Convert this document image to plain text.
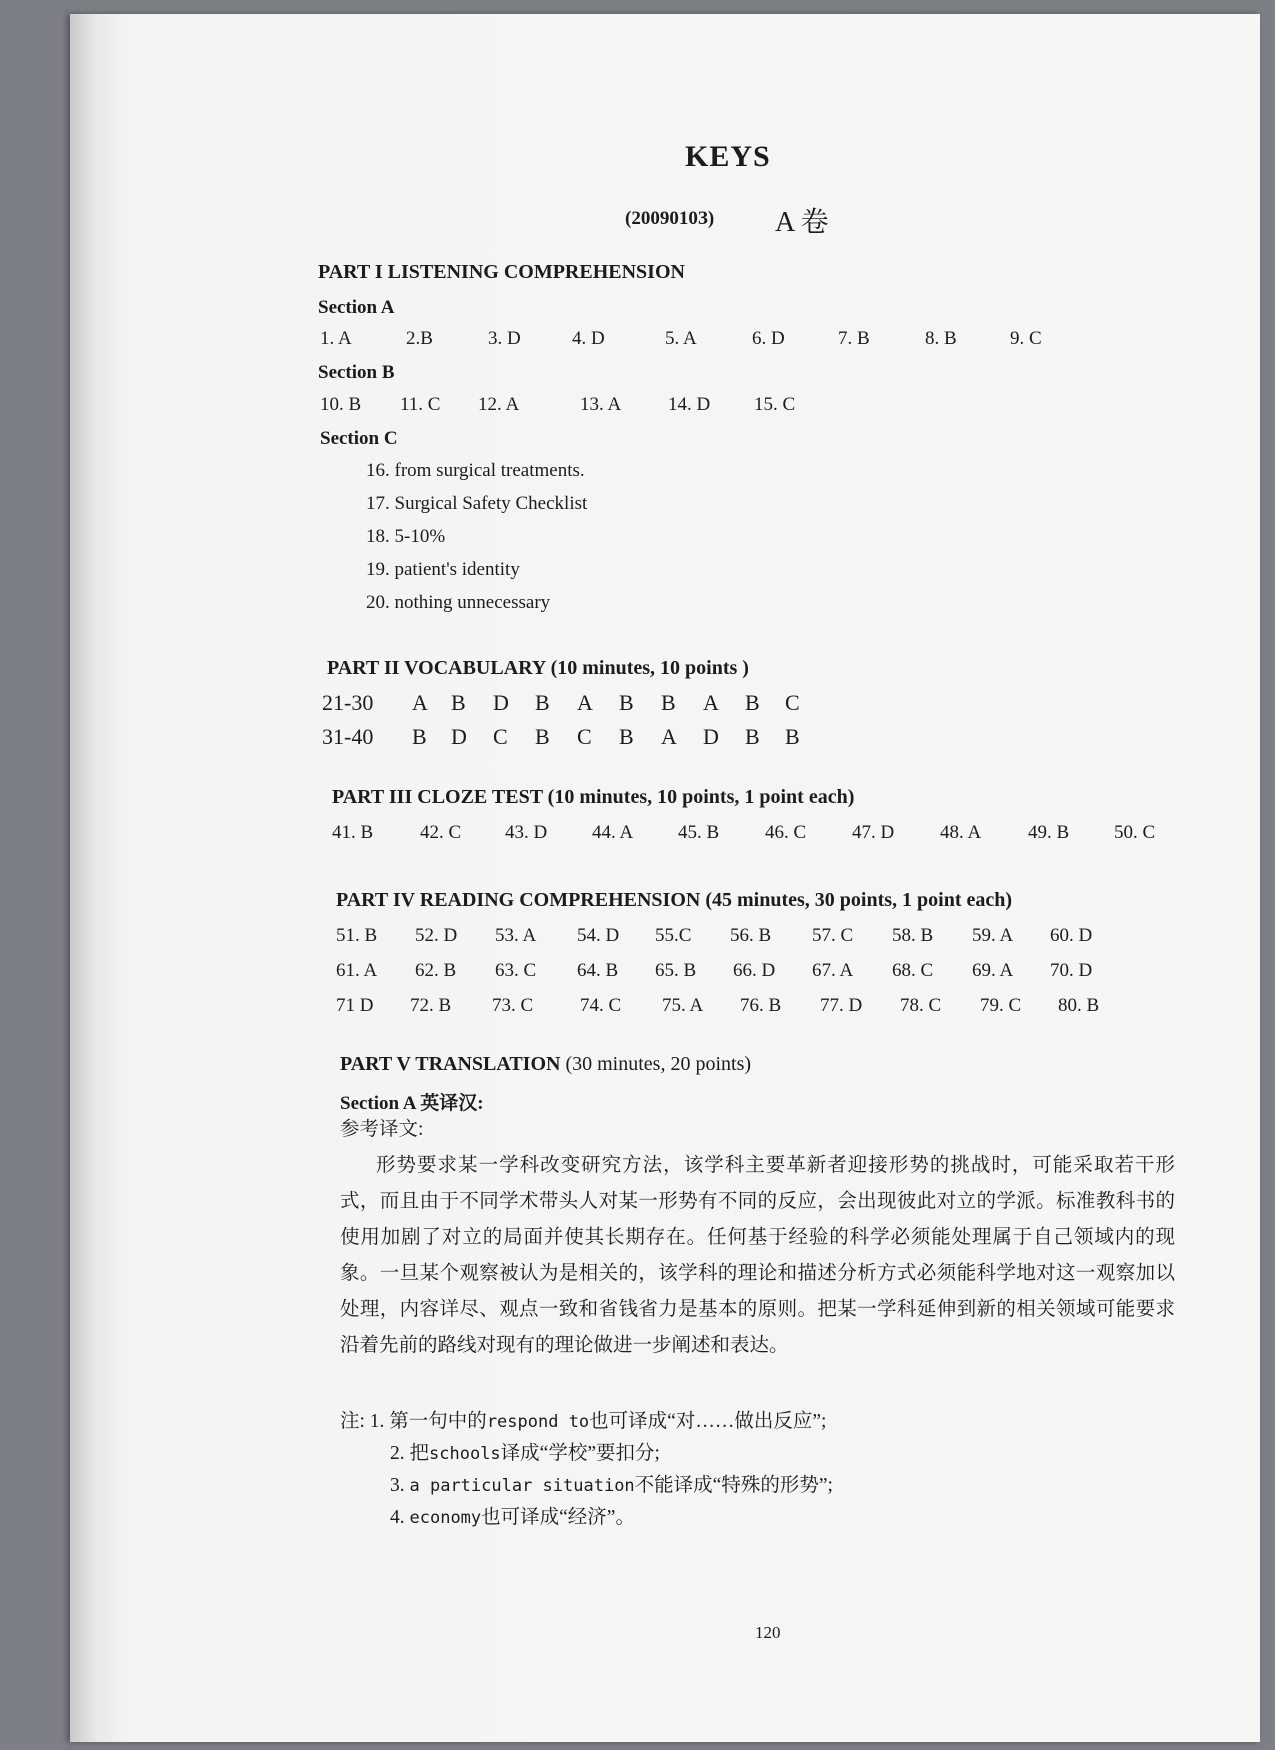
KEYS
(2009010З) A 卷
PART I LISTENING COMPREHENSION
Section A
1. A	2.B	3. D	4. D	5. A	6. D	7. B	8. B	9. C
Section B
10. B 11. C 12. A	13. A 14. D 15. C
Section C
16. from surgical treatments.
17. Surgical Safety Checklist
18. 5-10%
19. patient's identity
20. nothing unnecessary
PART II VOCABULARY (10 minutes, 10 points )
21-30 A B D B A B B A B C
31-40 B D C B C B A D B B
PART III CLOZE TEST (10 minutes, 10 points, 1 point each)
41. B 42. C 43. D 44. A 45. B 46. C 47. D 48. A 49. B 50. C
PART IV READING COMPREHENSION (45 minutes, 30 points, 1 point each)
51. B 52. D 53. A 54. D 55.C 56. B 57. C 58. B 59. A 60. D
61. A 62. B 63. C 64. B 65. B 66. D 67. A 68. C 69. A 70. D
71 D 72. B 73. C 74. C 75. A 76. B 77. D 78. C 79. C 80. B
PART V TRANSLATION (30 minutes, 20 points)
Section A 英译汉:
参考译文:

形势要求某一学科改变研究方法，该学科主要革新者迎接形势的挑战时，可能采取若干形式，而且由于不同学术带头人对某一形势有不同的反应，会出现彼此对立的学派。标准教科书的使用加剧了对立的局面并使其长期存在。任何基于经验的科学必须能处理属于自己领域内的现象。一旦某个观察被认为是相关的，该学科的理论和描述分析方式必须能科学地对这一观察加以处理，内容详尽、观点一致和省钱省力是基本的原则。把某一学科延伸到新的相关领域可能要求沿着先前的路线对现有的理论做进一步阐述和表达。

注: 1. 第一句中的respond to也可译成“对……做出反应”;
2. 把schools译成“学校”要扣分;
3. a particular situation不能译成“特殊的形势”;
4. economy也可译成“经济”。
120
